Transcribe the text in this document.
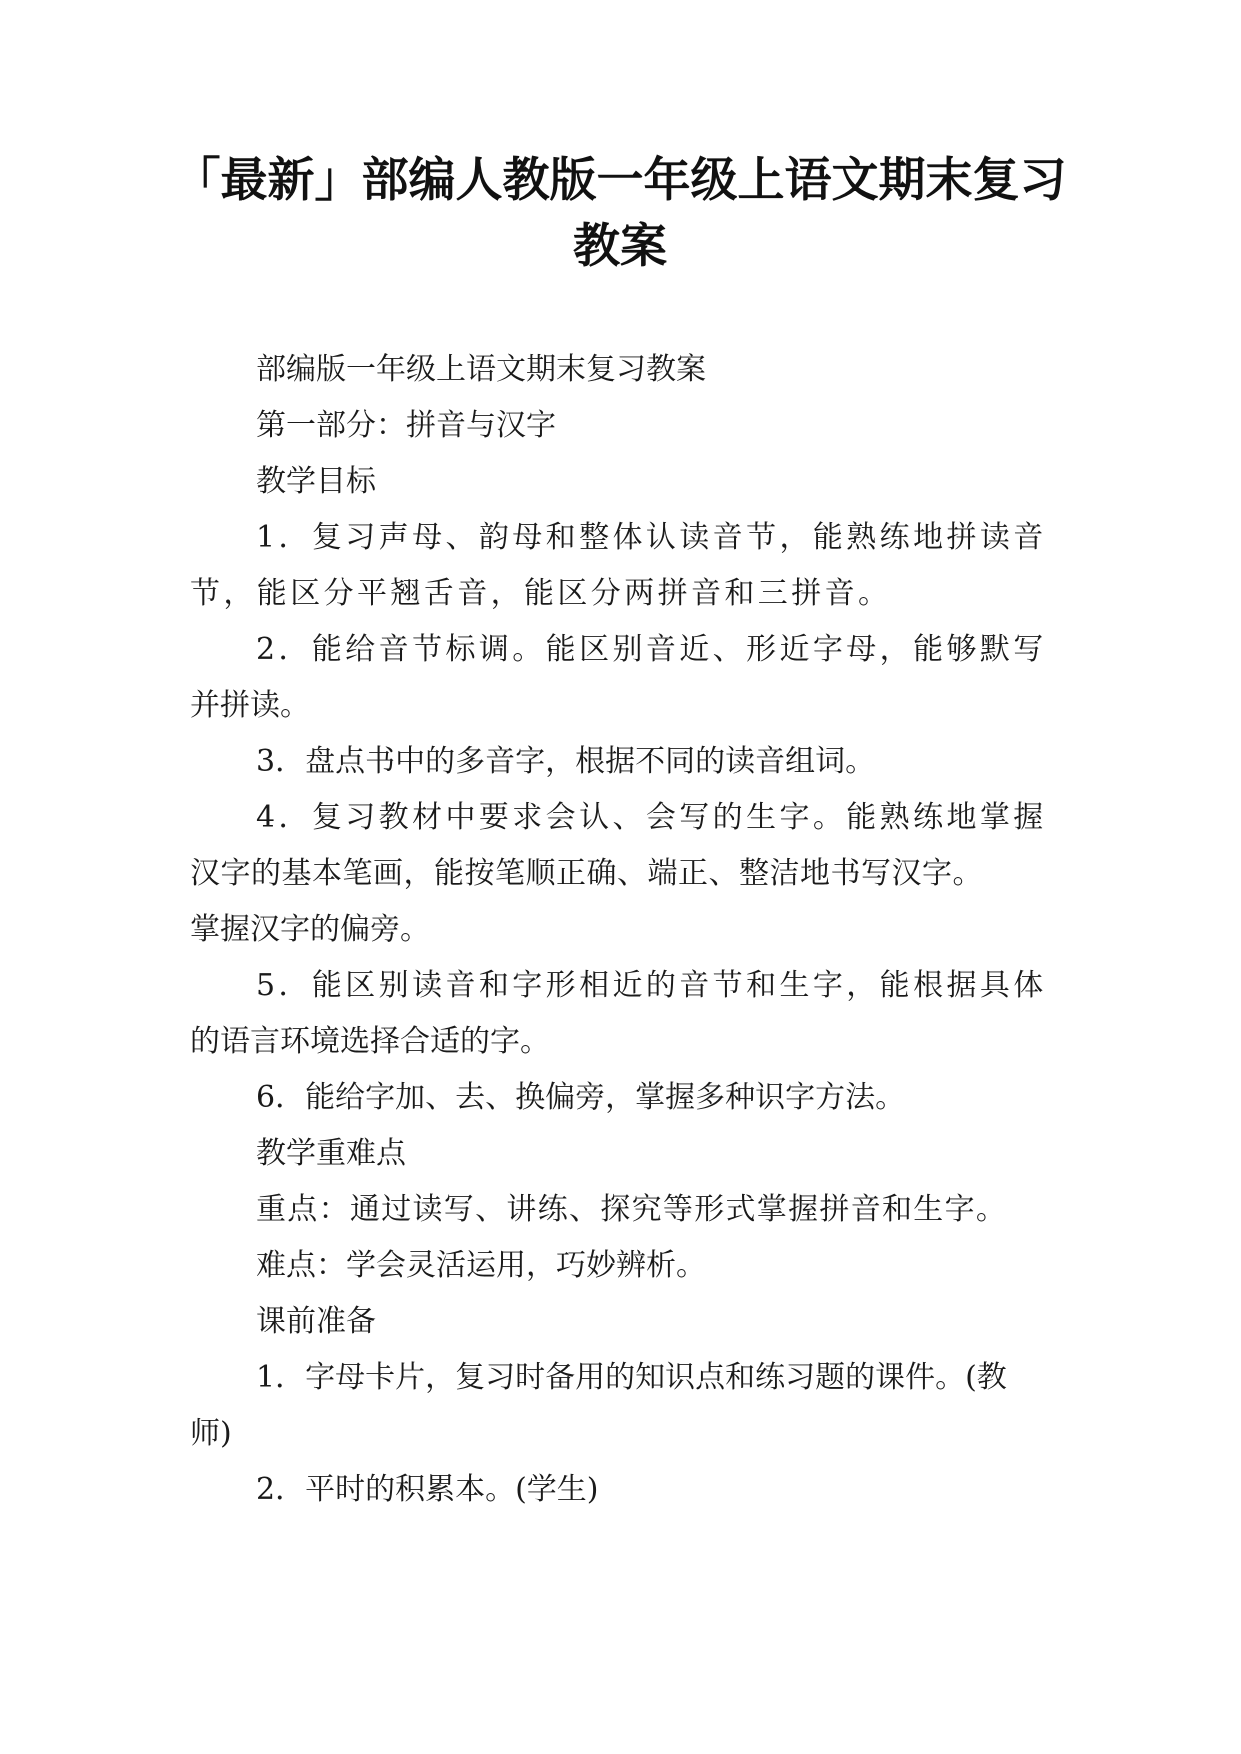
「最新」部编人教版一年级上语文期末复习
教案
部编版一年级上语文期末复习教案
第一部分：拼音与汉字
教学目标
1．复习声母、韵母和整体认读音节，能熟练地拼读音
节，能区分平翘舌音，能区分两拼音和三拼音。
2．能给音节标调。能区别音近、形近字母，能够默写
并拼读。
3．盘点书中的多音字，根据不同的读音组词。
4．复习教材中要求会认、会写的生字。能熟练地掌握
汉字的基本笔画，能按笔顺正确、端正、整洁地书写汉字。
掌握汉字的偏旁。
5．能区别读音和字形相近的音节和生字，能根据具体
的语言环境选择合适的字。
6．能给字加、去、换偏旁，掌握多种识字方法。
教学重难点
重点：通过读写、讲练、探究等形式掌握拼音和生字。
难点：学会灵活运用，巧妙辨析。
课前准备
1．字母卡片，复习时备用的知识点和练习题的课件。(教
师)
2．平时的积累本。(学生)
